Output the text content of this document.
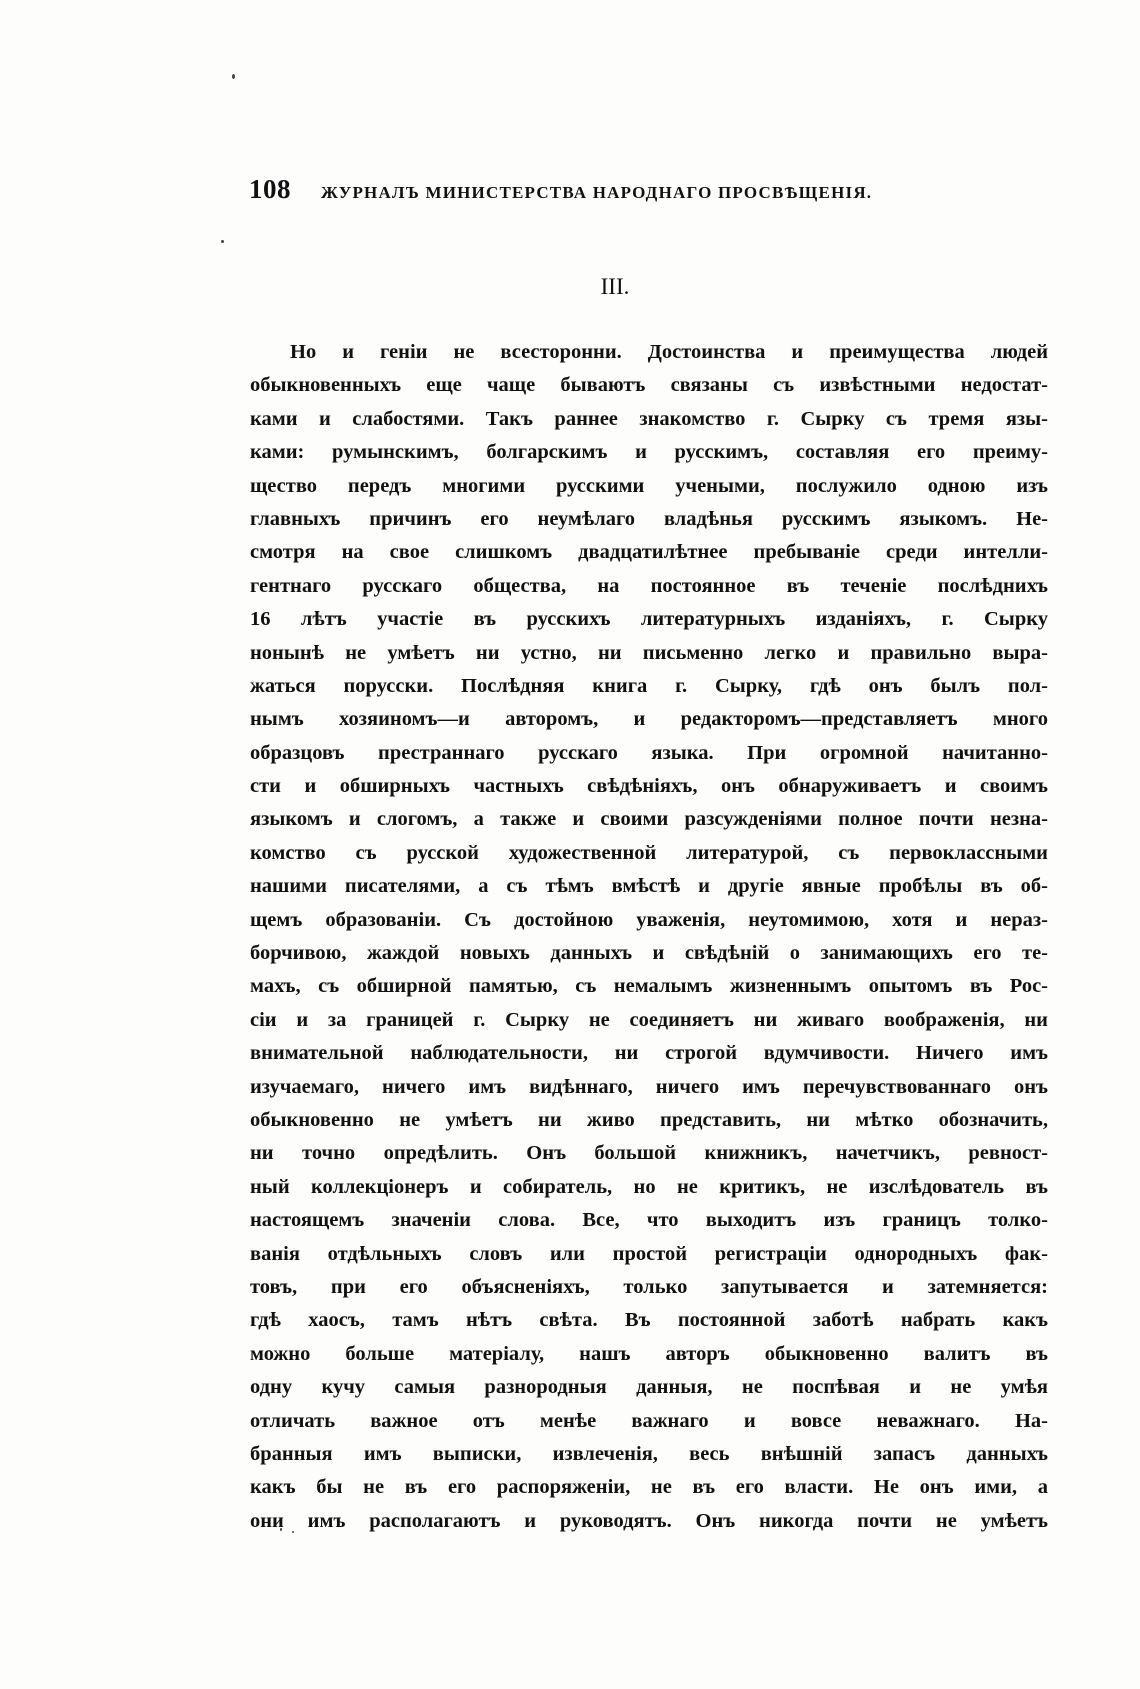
108 ЖУРНАЛЪ МИНИСТЕРСТВА НАРОДНАГО ПРОСВѢЩЕНІЯ.
III.
Но и геніи не всесторонни. Достоинства и преимущества людей
обыкновенныхъ еще чаще бываютъ связаны съ извѣстными недостат-
ками и слабостями. Такъ раннее знакомство г. Сырку съ тремя язы-
ками: румынскимъ, болгарскимъ и русскимъ, составляя его преиму-
щество передъ многими русскими учеными, послужило одною изъ
главныхъ причинъ его неумѣлаго владѣнья русскимъ языкомъ. Не-
смотря на свое слишкомъ двадцатилѣтнее пребываніе среди интелли-
гентнаго русскаго общества, на постоянное въ теченіе послѣднихъ
16 лѣтъ участіе въ русскихъ литературныхъ изданіяхъ, г. Сырку
нонынѣ не умѣетъ ни устно, ни письменно легко и правильно выра-
жаться порусски. Послѣдняя книга г. Сырку, гдѣ онъ былъ пол-
нымъ хозяиномъ—и авторомъ, и редакторомъ—представляетъ много
образцовъ престраннаго русскаго языка. При огромной начитанно-
сти и обширныхъ частныхъ свѣдѣніяхъ, онъ обнаруживаетъ и своимъ
языкомъ и слогомъ, а также и своими разсужденіями полное почти незна-
комство съ русской художественной литературой, съ первоклассными
нашими писателями, а съ тѣмъ вмѣстѣ и другіе явные пробѣлы въ об-
щемъ образованіи. Съ достойною уваженія, неутомимою, хотя и нераз-
борчивою, жаждой новыхъ данныхъ и свѣдѣній о занимающихъ его те-
махъ, съ обширной памятью, съ немалымъ жизненнымъ опытомъ въ Рос-
сіи и за границей г. Сырку не соединяетъ ни живаго воображенія, ни
внимательной наблюдательности, ни строгой вдумчивости. Ничего имъ
изучаемаго, ничего имъ видѣннаго, ничего имъ перечувствованнаго онъ
обыкновенно не умѣетъ ни живо представить, ни мѣтко обозначить,
ни точно опредѣлить. Онъ большой книжникъ, начетчикъ, ревност-
ный коллекціонеръ и собиратель, но не критикъ, не изслѣдователь въ
настоящемъ значеніи слова. Все, что выходитъ изъ границъ толко-
ванія отдѣльныхъ словъ или простой регистраціи однородныхъ фак-
товъ, при его объясненіяхъ, только запутывается и затемняется:
гдѣ хаосъ, тамъ нѣтъ свѣта. Въ постоянной заботѣ набрать какъ
можно больше матеріалу, нашъ авторъ обыкновенно валитъ въ
одну кучу самыя разнородныя данныя, не поспѣвая и не умѣя
отличать важное отъ менѣе важнаго и вовсе неважнаго. На-
бранныя имъ выписки, извлеченія, весь внѣшній запасъ данныхъ
какъ бы не въ его распоряженіи, не въ его власти. Не онъ ими, а
они имъ располагаютъ и руководятъ. Онъ никогда почти не умѣетъ
